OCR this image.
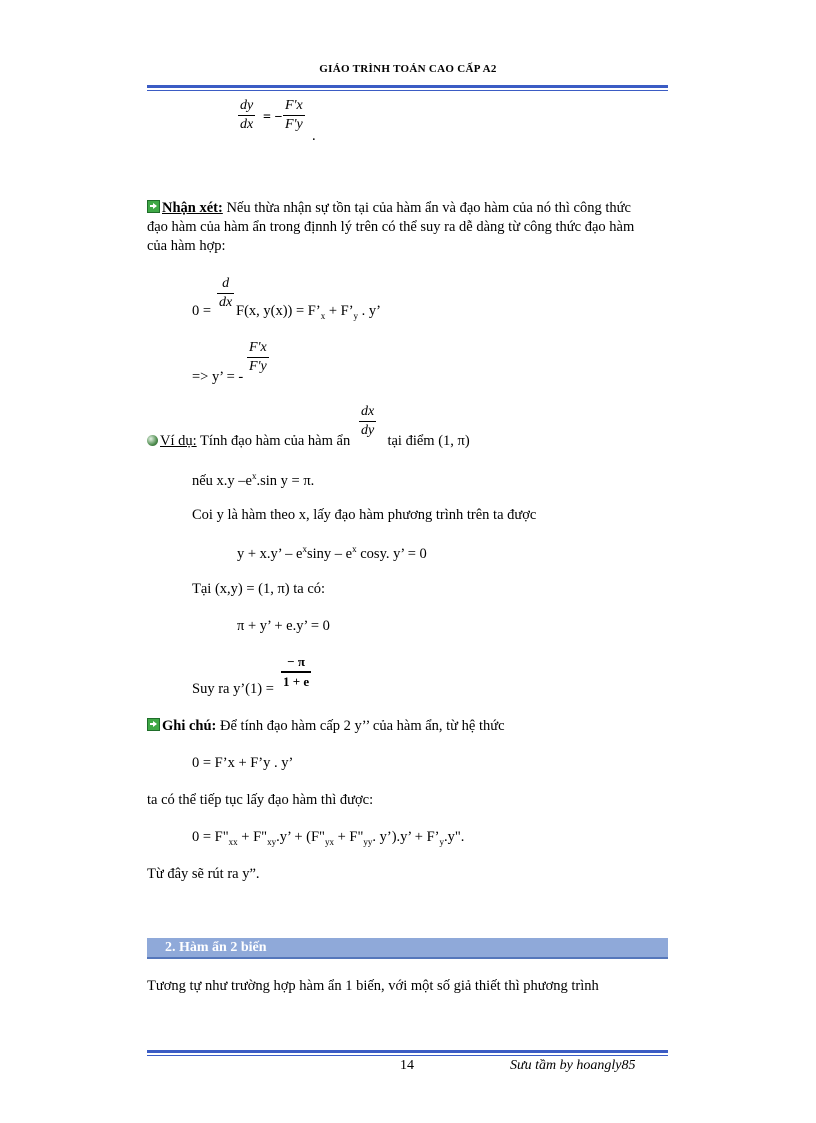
GIÁO TRÌNH TOÁN CAO CẤP A2
dy
dx = −
F'x
F'y
.
Nhận xét: Nếu thừa nhận sự tồn tại của hàm ẩn và đạo hàm của nó thì công thức
đạo hàm của hàm ẩn trong địnnh lý trên có thể suy ra dễ dàng từ công thức đạo hàm
của hàm hợp:
0 =
d
dx
F(x, $y(x)) = F’_x$ + $F’_y$ . y’
=> y’ = -
F'x
F'y
Ví dụ: Tính đạo hàm của hàm ẩn  tại điểm (1, π)
dx
dy
nếu x.y $-e^x.\sin$ y = π.
Coi y là hàm theo x, lấy đạo hàm phương trình trên ta được
y + x.y’ – $e^x\sin y - e^x$ cosy. y’ = 0
Tại (x,y) = (1, π) ta có:
π + y’ + e.y’ = 0
Suy ra y’(1) =
− π
1 + e
Ghi chú: Để tính đạo hàm cấp 2 y’’ của hàm ẩn, từ hệ thức
0 = F’x + F’y . y’
ta có thể tiếp tục lấy đạo hàm thì được:
$0 = F"_{xx}$ + $F"_{xy}.y$’ + ($F"_{yx}$ + $F"_{yy}$. y’).y’ + $F’_y.y$".
Từ đây sẽ rút ra y”.
2. Hàm ẩn 2 biến
Tương tự như trường hợp hàm ẩn 1 biến, với một số giả thiết thì phương trình
14	Sưu tầm by hoangly85
